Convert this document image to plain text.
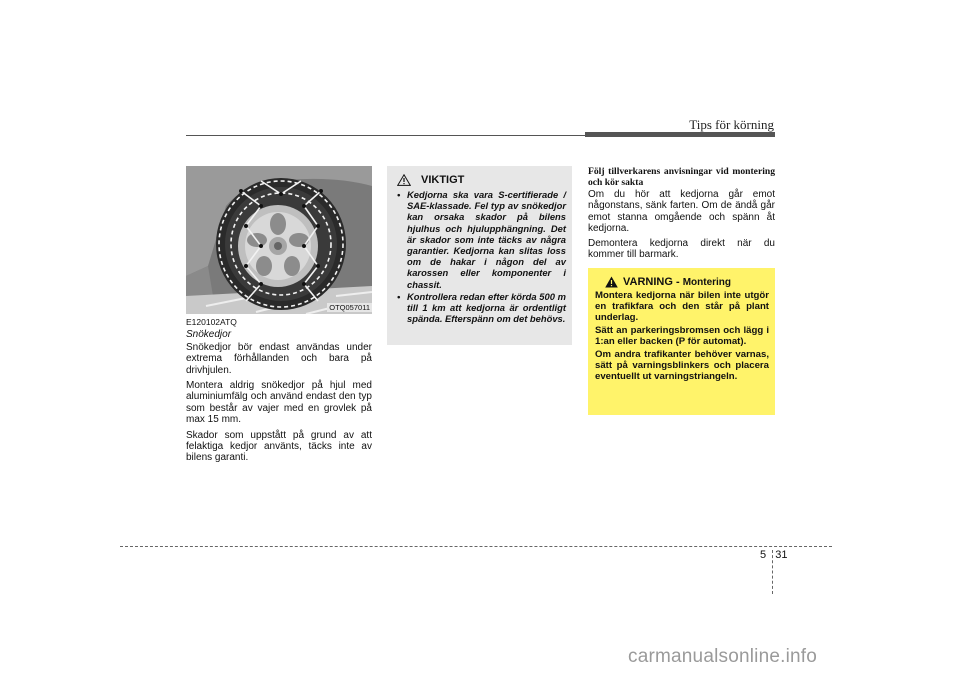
Tips för körning
OTQ057011
E120102ATQ
Snökedjor

Snökedjor bör endast användas under extrema förhållanden och bara på drivhjulen.

Montera aldrig snökedjor på hjul med aluminiumfälg och använd endast den typ som består av vajer med en grovlek på max 15 mm.

Skador som uppstått på grund av att felaktiga kedjor använts, täcks inte av bilens garanti.

VIKTIGT
• Kedjorna ska vara S-certifierade / SAE-klassade. Fel typ av snökedjor kan orsaka skador på bilens hjulhus och hjulupphängning. Det är skador som inte täcks av några garantier. Kedjorna kan slitas loss om de hakar i någon del av karossen eller komponenter i chassit.
• Kontrollera redan efter körda 500 m till 1 km att kedjorna är ordentligt spända. Efterspänn om det behövs.
Följ tillverkarens anvisningar vid montering och kör sakta

Om du hör att kedjorna går emot någonstans, sänk farten. Om de ändå går emot stanna omgående och spänn åt kedjorna.

Demontera kedjorna direkt när du kommer till barmark.

VARNING - Montering

Montera kedjorna när bilen inte utgör en trafikfara och den står på plant underlag.

Sätt an parkeringsbromsen och lägg i 1:an eller backen (P för automat).

Om andra trafikanter behöver varnas, sätt på varningsblinkers och placera eventuellt ut varningstriangeln.

5 31
carmanualsonline.info
